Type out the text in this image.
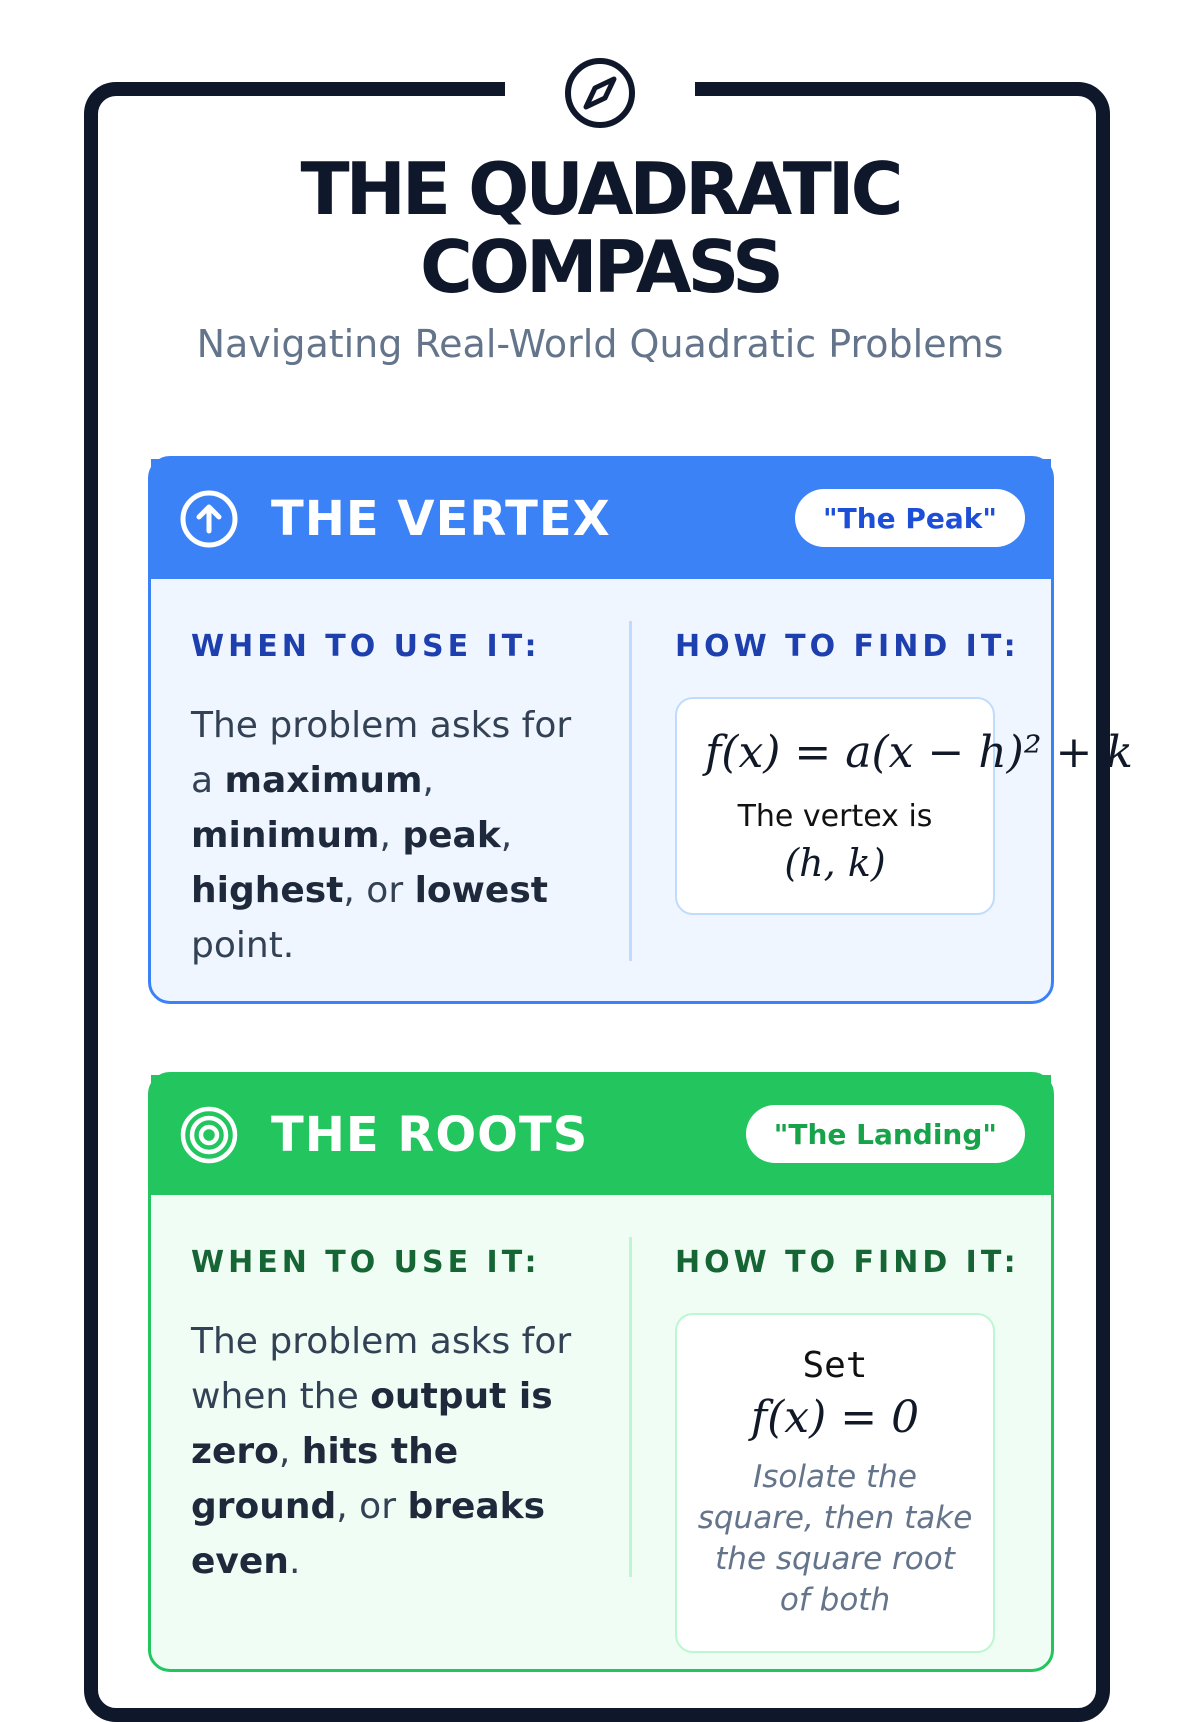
THE QUADRATIC
COMPASS
Navigating Real-World Quadratic Problems
THE VERTEX	"The Peak"
WHEN TO USE IT:
The problem asks for a maximum, minimum, peak, highest, or lowest point.
HOW TO FIND IT:
f(x) = a(x − h)² + k
The vertex is
(h, k)
THE ROOTS	"The Landing"
WHEN TO USE IT:
The problem asks for when the output is zero, hits the ground, or breaks even.
HOW TO FIND IT:
Set
f(x) = 0
Isolate the square, then take the square root of both
